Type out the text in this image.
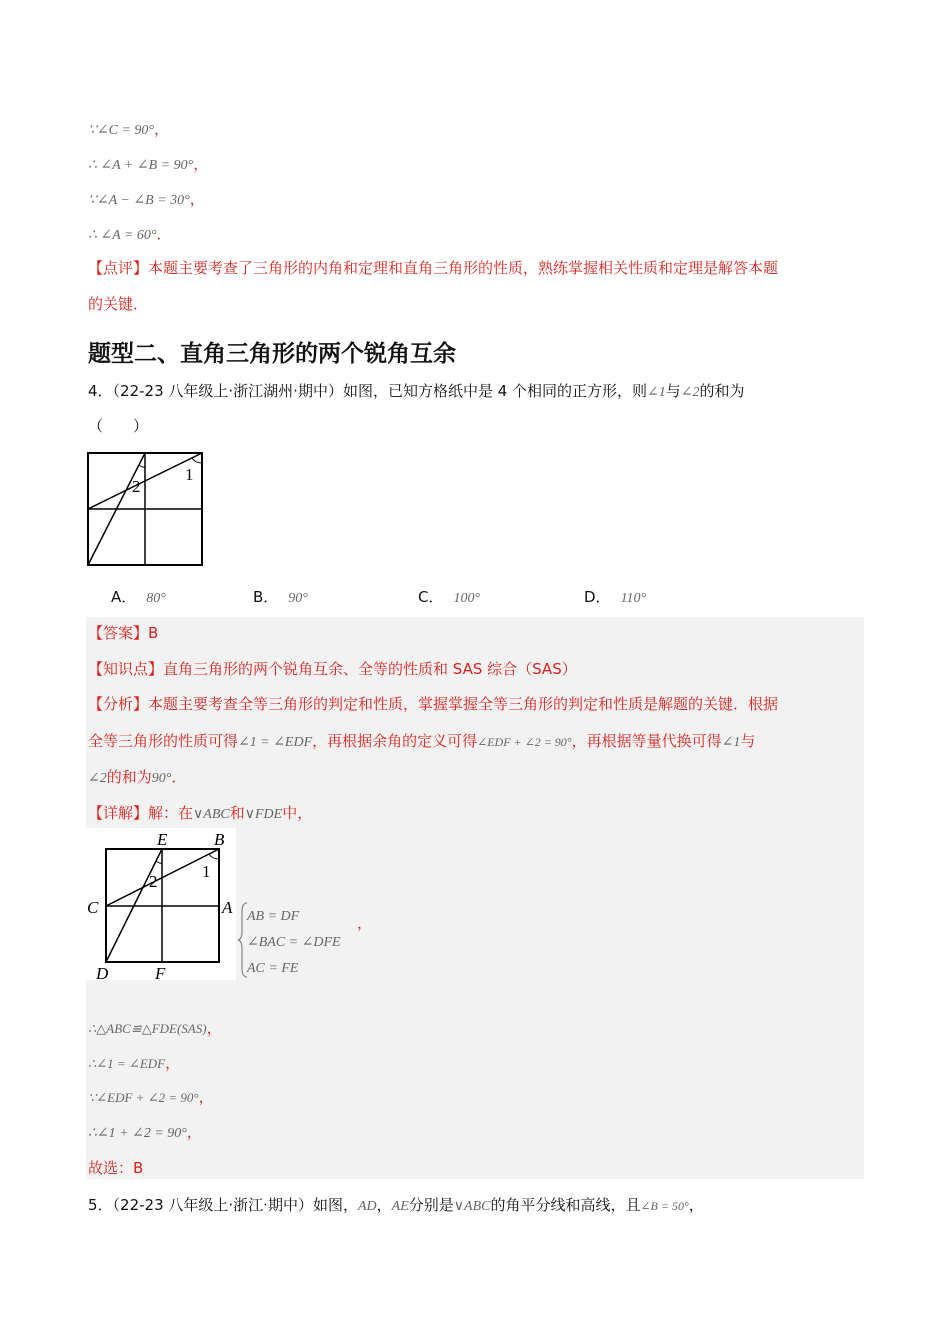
∵∠C = 90°，
∴ ∠A + ∠B = 90°，
∵∠A − ∠B = 30°，
∴ ∠A = 60°．
【点评】本题主要考查了三角形的内角和定理和直角三角形的性质，熟练掌握相关性质和定理是解答本题
的关键．
题型二、直角三角形的两个锐角互余
4．（22-23 八年级上·浙江湖州·期中）如图，已知方格纸中是 4 个相同的正方形，则∠1与∠2的和为
（　　）
2
1
A． 80°	B． 90°	C． 100°	D． 110°
【答案】B
【知识点】直角三角形的两个锐角互余、全等的性质和 SAS 综合（SAS）
【分析】本题主要考查全等三角形的判定和性质，掌握掌握全等三角形的判定和性质是解题的关键．根据
全等三角形的性质可得∠1 = ∠EDF，再根据余角的定义可得∠EDF + ∠2 = 90°，再根据等量代换可得∠1与
∠2的和为90°．
【详解】解：在∨ABC和∨FDE中，
E	B
C	A
D	F
2
1
AB = DF
∠BAC = ∠DFE
AC = FE
，
∴△ABC≌△FDE(SAS)，
∴∠1 = ∠EDF，
∵∠EDF + ∠2 = 90°，
∴∠1 + ∠2 = 90°，
故选：B
5．（22-23 八年级上·浙江·期中）如图，AD，AE分别是∨ABC的角平分线和高线，且∠B = 50°，
